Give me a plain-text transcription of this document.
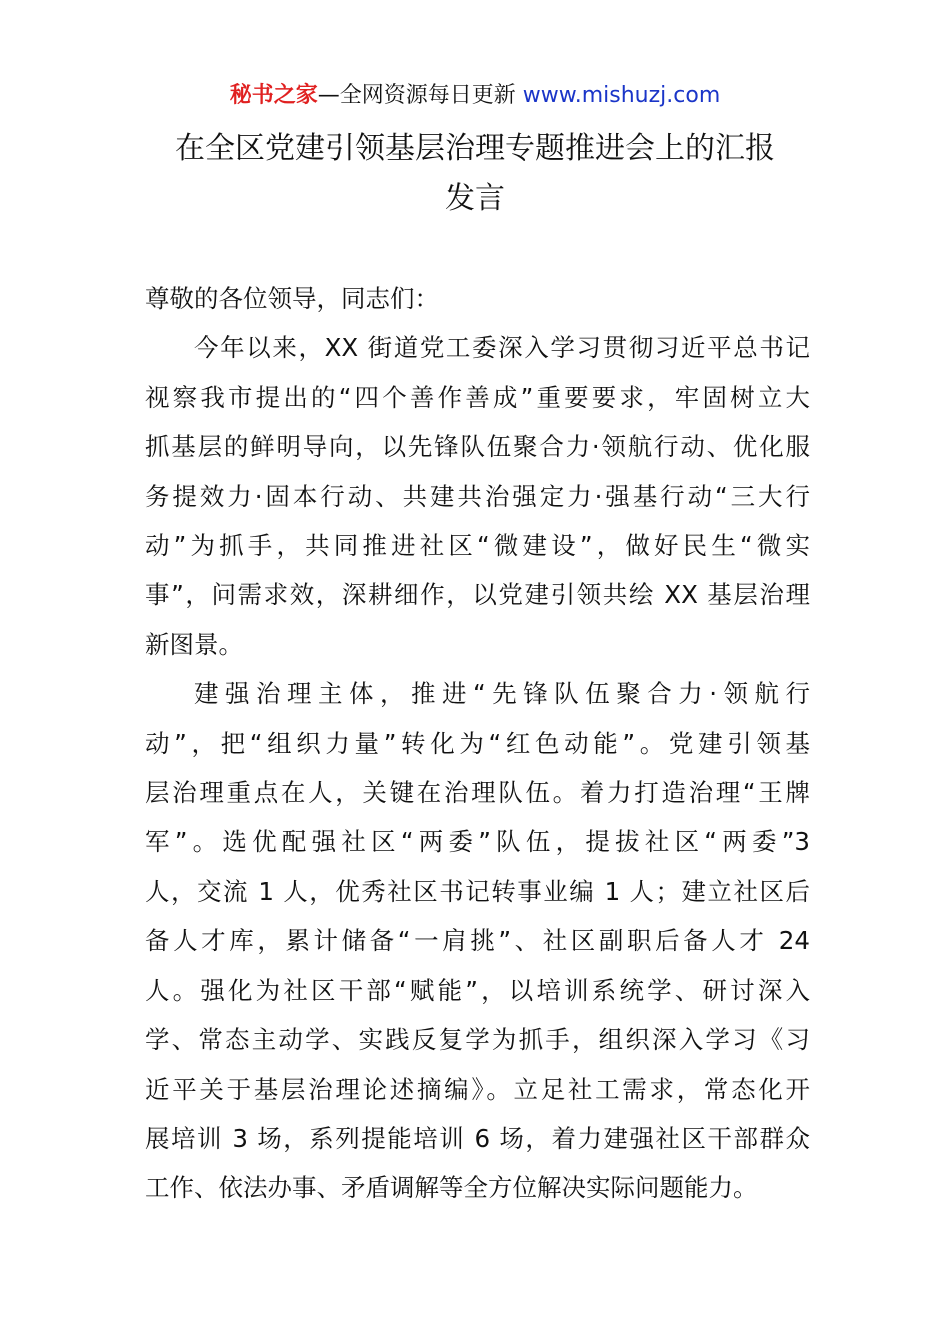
秘书之家—全网资源每日更新 www.mishuzj.com
在全区党建引领基层治理专题推进会上的汇报
发言

尊敬的各位领导，同志们：

今年以来，XX 街道党工委深入学习贯彻习近平总书记
视察我市提出的“四个善作善成”重要要求，牢固树立大
抓基层的鲜明导向，以先锋队伍聚合力·领航行动、优化服
务提效力·固本行动、共建共治强定力·强基行动“三大行
动”为抓手，共同推进社区“微建设”，做好民生“微实
事”，问需求效，深耕细作，以党建引领共绘 XX 基层治理
新图景。

建强治理主体，推进“先锋队伍聚合力·领航行
动”，把“组织力量”转化为“红色动能”。党建引领基
层治理重点在人，关键在治理队伍。着力打造治理“王牌
军”。选优配强社区“两委”队伍，提拔社区“两委”3
人，交流 1 人，优秀社区书记转事业编 1 人；建立社区后
备人才库，累计储备“一肩挑”、社区副职后备人才 24
人。强化为社区干部“赋能”，以培训系统学、研讨深入
学、常态主动学、实践反复学为抓手，组织深入学习《习
近平关于基层治理论述摘编》。立足社工需求，常态化开
展培训 3 场，系列提能培训 6 场，着力建强社区干部群众
工作、依法办事、矛盾调解等全方位解决实际问题能力。
